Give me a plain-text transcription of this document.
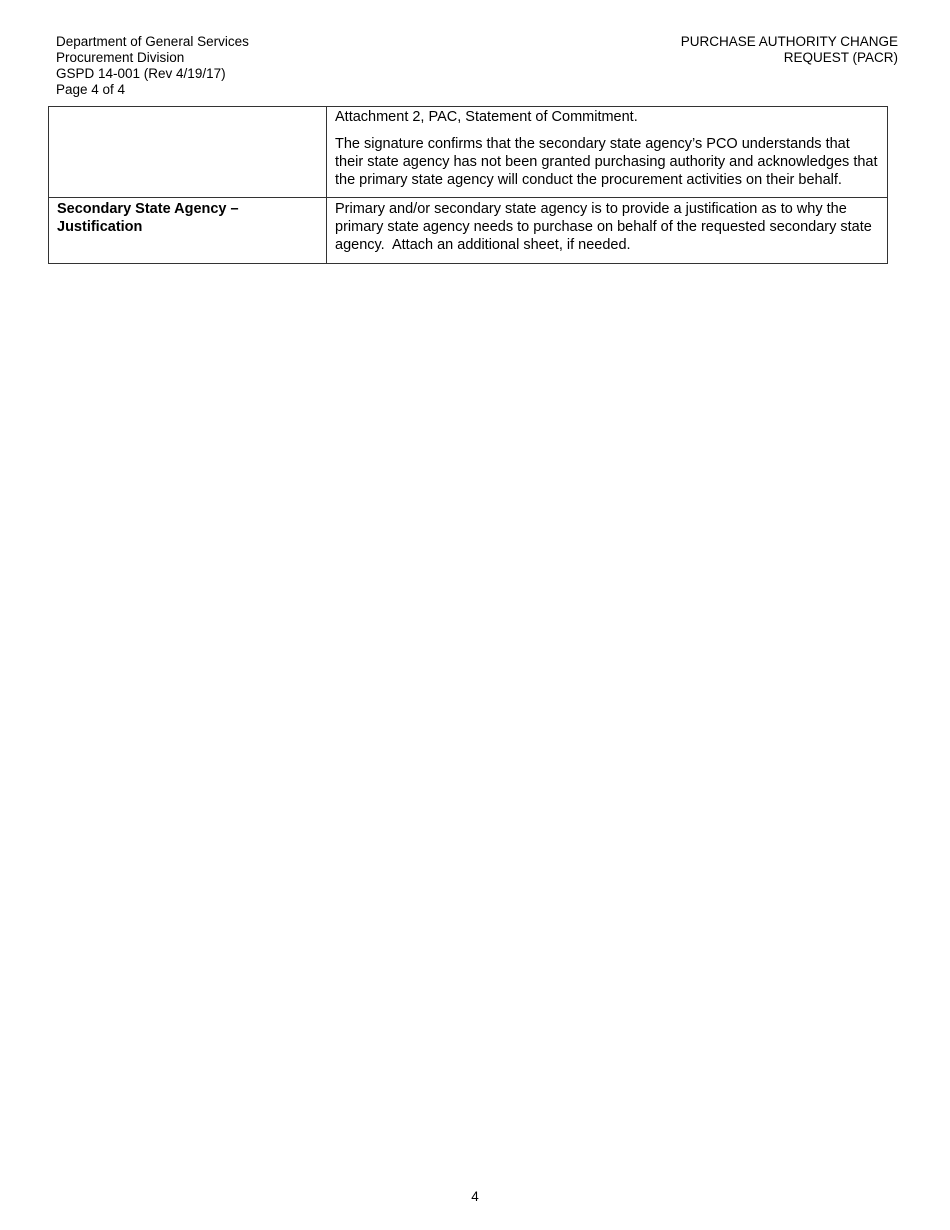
Department of General Services
Procurement Division
GSPD 14-001 (Rev 4/19/17)
Page 4 of 4
PURCHASE AUTHORITY CHANGE
REQUEST (PACR)

	Attachment 2, PAC, Statement of Commitment.

The signature confirms that the secondary state agency’s PCO understands that their state agency has not been granted purchasing authority and acknowledges that the primary state agency will conduct the procurement activities on their behalf.

Secondary State Agency – Justification	Primary and/or secondary state agency is to provide a justification as to why the primary state agency needs to purchase on behalf of the requested secondary state agency.  Attach an additional sheet, if needed.
4
